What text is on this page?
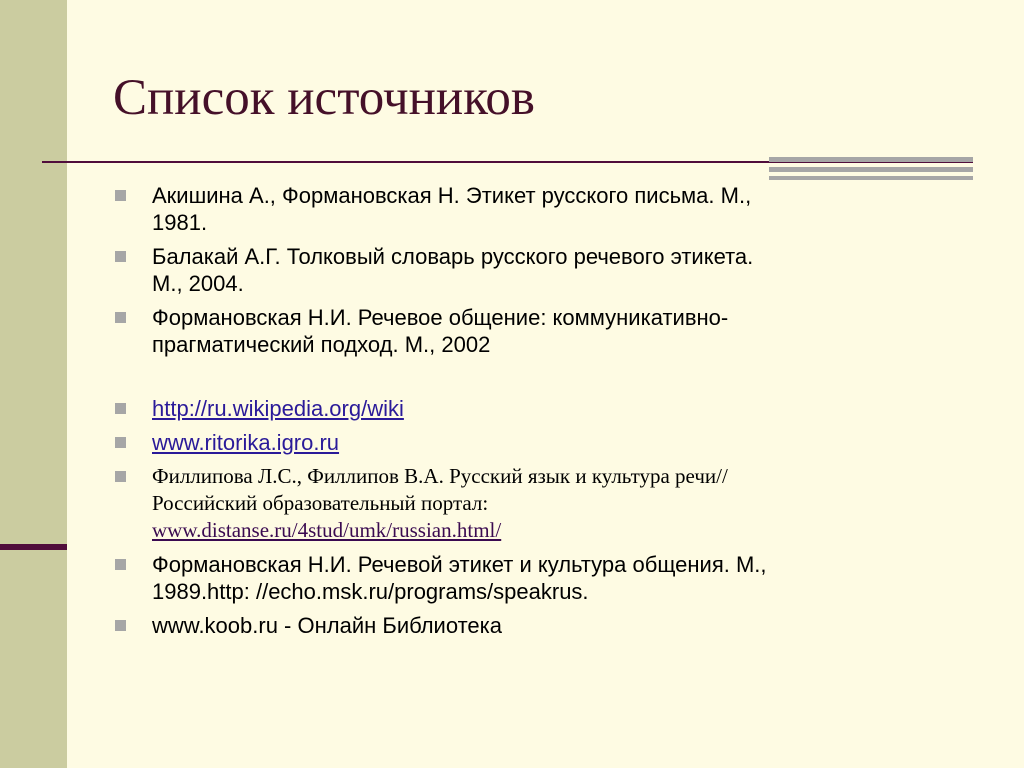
Список источников
Акишина А., Формановская Н. Этикет русского письма. М.,
1981.
Балакай А.Г. Толковый словарь русского речевого этикета.
М., 2004.
Формановская Н.И. Речевое общение: коммуникативно-
прагматический подход. М., 2002
http://ru.wikipedia.org/wiki
www.ritorika.igro.ru
Филлипова Л.С., Филлипов В.А. Русский язык и культура речи//
Российский образовательный портал:
www.distanse.ru/4stud/umk/russian.html/
Формановская Н.И. Речевой этикет и культура общения. М.,
1989.http: //echo.msk.ru/programs/speakrus.
www.koob.ru - Онлайн Библиотека
